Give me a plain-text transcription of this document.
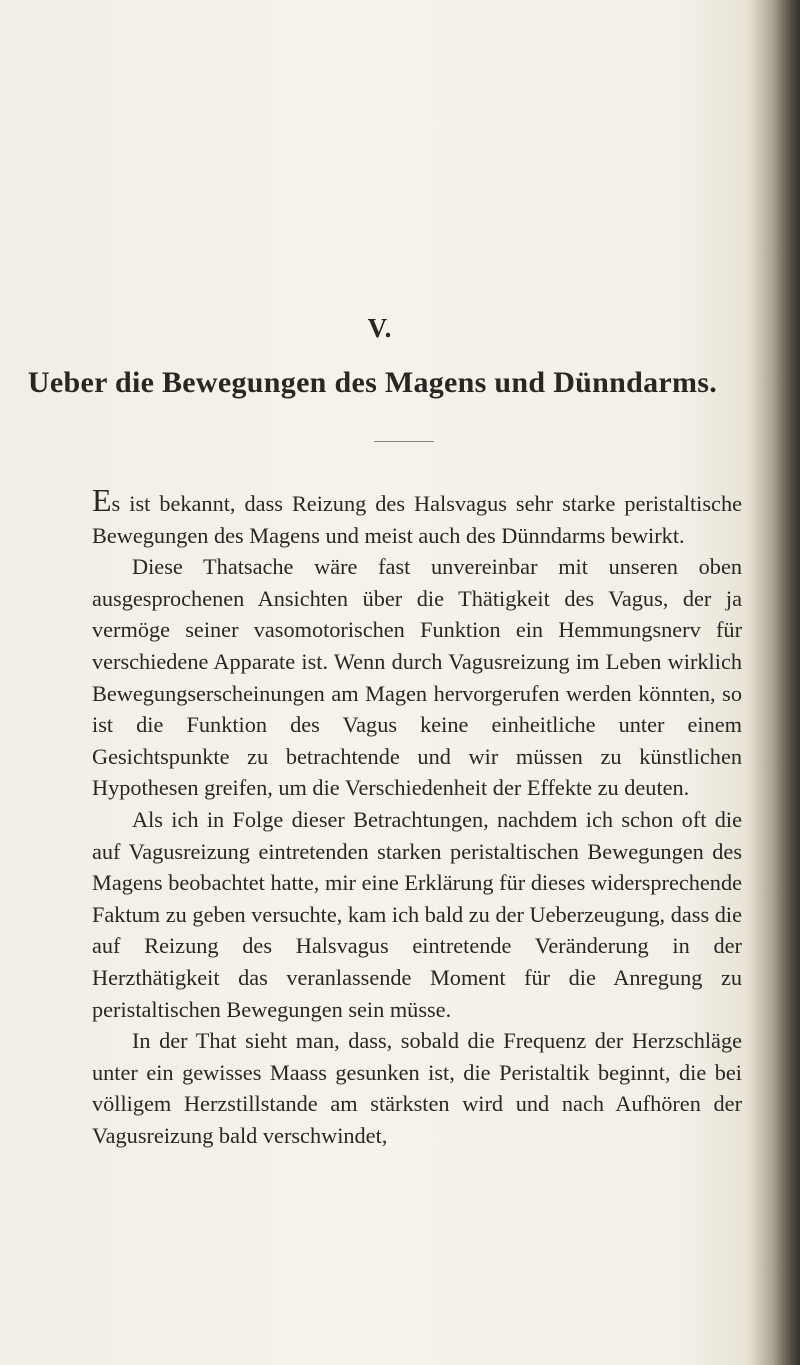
V.
Ueber die Bewegungen des Magens und Dünndarms.

Es ist bekannt, dass Reizung des Halsvagus sehr starke peristaltische Bewegungen des Magens und meist auch des Dünndarms bewirkt.

Diese Thatsache wäre fast unvereinbar mit unseren oben ausgesprochenen Ansichten über die Thätigkeit des Vagus, der ja vermöge seiner vasomotorischen Funktion ein Hemmungsnerv für verschiedene Apparate ist. Wenn durch Vagusreizung im Leben wirklich Bewegungserscheinungen am Magen hervorgerufen werden könnten, so ist die Funktion des Vagus keine einheitliche unter einem Gesichtspunkte zu betrachtende und wir müssen zu künstlichen Hypothesen greifen, um die Verschiedenheit der Effekte zu deuten.

Als ich in Folge dieser Betrachtungen, nachdem ich schon oft die auf Vagusreizung eintretenden starken peristaltischen Bewegungen des Magens beobachtet hatte, mir eine Erklärung für dieses widersprechende Faktum zu geben versuchte, kam ich bald zu der Ueberzeugung, dass die auf Reizung des Halsvagus eintretende Veränderung in der Herzthätigkeit das veranlassende Moment für die Anregung zu peristaltischen Bewegungen sein müsse.

In der That sieht man, dass, sobald die Frequenz der Herzschläge unter ein gewisses Maass gesunken ist, die Peristaltik beginnt, die bei völligem Herzstillstande am stärksten wird und nach Aufhören der Vagusreizung bald verschwindet,
